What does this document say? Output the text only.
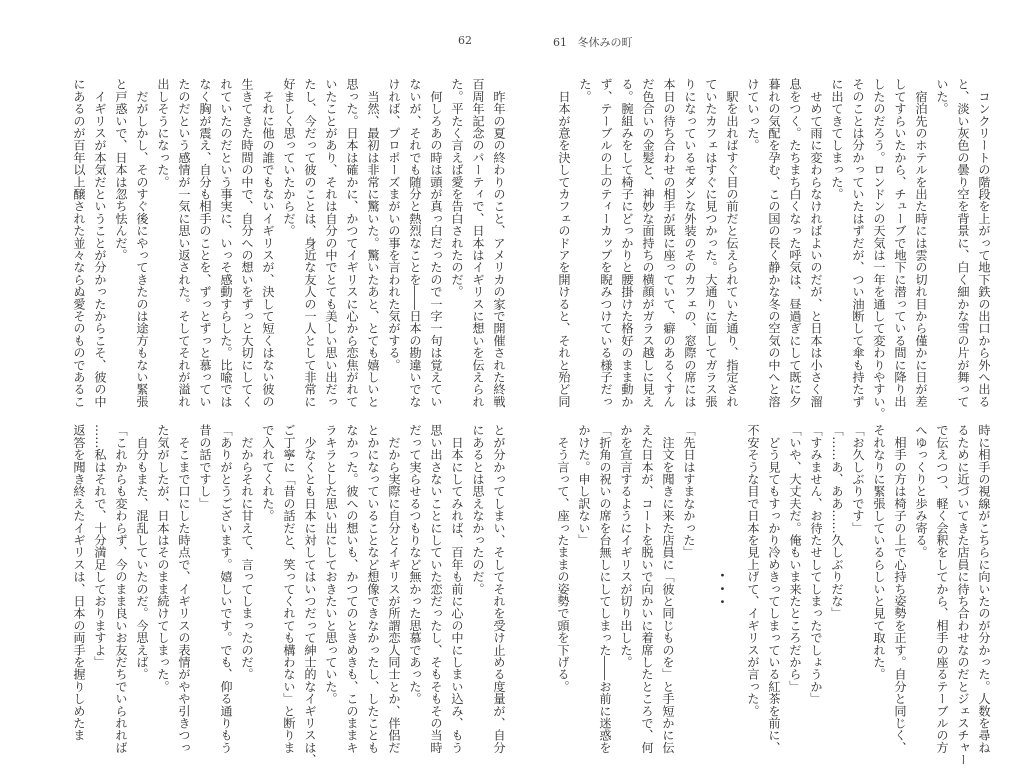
62	61 冬休みの町
　コンクリートの階段を上がって地下鉄の出口から外へ出る
と、淡い灰色の曇り空を背景に、白く細かな雪の片が舞って
いた。
　宿泊先のホテルを出た時には雲の切れ目から僅かに日が差
してすらいたから、チューブで地下に潜っている間に降り出
したのだろう。ロンドンの天気は一年を通して変わりやすい。
そのことは分かっていたはずだが、つい油断して傘も持たず
に出てきてしまった。
　せめて雨に変わらなければよいのだが、と日本は小さく溜
息をつく。たちまち白くなった呼気は、昼過ぎにして既に夕
暮れの気配を孕む、この国の長く静かな冬の空気の中へと溶
けていった。
　駅を出ればすぐ目の前だと伝えられていた通り、指定され
ていたカフェはすぐに見つかった。大通りに面してガラス張
りになっているモダンな外装のそのカフェの、窓際の席には
本日の待ち合わせの相手が既に座っていて、癖のあるくすん
だ色合いの金髪と、神妙な面持ちの横顔がガラス越しに見え
る。腕組みをして椅子にどっかりと腰掛けた格好のまま動か
ず、テーブルの上のティーカップを睨みつけている様子だっ
た。
　日本が意を決してカフェのドアを開けると、それと殆ど同
時に相手の視線がこちらに向いたのが分かった。人数を尋ね
るために近づいてきた店員に待ち合わせなのだとジェスチャー
で伝えつつ、軽く会釈をしてから、相手の座るテーブルの方
へゆっくりと歩み寄る。
　相手の方は椅子の上で心持ち姿勢を正す。自分と同じく、
それなりに緊張しているらしいと見て取れた。
「お久しぶりです」
「……あ、ああ……久しぶりだな」
「すみません、お待たせしてしまったでしょうか」
「いや、大丈夫だ。俺もいま来たところだから」
　どう見てもすっかり冷めきってしまっている紅茶を前に、
不安そうな目で日本を見上げて、イギリスが言った。
・・・
「先日はすまなかった」
　注文を聞きに来た店員に「彼と同じものを」と手短かに伝
えた日本が、コートを脱いで向かいに着席したところで、何
かを宣言するようにイギリスが切り出した。
「折角の祝いの席を台無しにしてしまった――お前に迷惑を
かけた。申し訳ない」
　そう言って、座ったままの姿勢で頭を下げる。
　昨年の夏の終わりのこと、アメリカの家で開催された終戦
百周年記念のパーティで、日本はイギリスに想いを伝えられ
た。平たく言えば愛を告白されたのだ。
　何しろあの時は頭が真っ白だったので一字一句は覚えてい
ないが、それでも随分と熱烈なことを――日本の勘違いでな
ければ、プロポーズまがいの事を言われた気がする。
　当然、最初は非常に驚いた。驚いたあと、とても嬉しいと
思った。日本は確かに、かつてイギリスに心から恋焦がれて
いたことがあり、それは自分の中でとても美しい思い出だっ
たし、今だって彼のことは、身近な友人の一人として非常に
好ましく思っていたからだ。
　それに他の誰でもないイギリスが、決して短くはない彼の
生きてきた時間の中で、自分への想いをずっと大切にしてく
れていたのだという事実に、いっそ感動すらした。比喩では
なく胸が震え、自分も相手のことを、ずっとずっと慕ってい
たのだという感情が一気に思い返された。そしてそれが溢れ
出しそうになった。
　だがしかし、そのすぐ後にやってきたのは途方もない緊張
と戸惑いで、日本は忽ち怯んだ。
　イギリスが本気だということが分かったからこそ、彼の中
にあるのが百年以上醸された並々ならぬ愛そのものであるこ
とが分かってしまい、そしてそれを受け止める度量が、自分
にあるとは思えなかったのだ。
　日本にしてみれば、百年も前に心の中にしまい込み、もう
思い出さないことにしていた恋だったし、そもそもその当時
だって実らせるつもりなど無かった思慕であった。
　だから実際に自分とイギリスが所謂恋人同士とか、伴侶だ
とかになっていることなど想像できなかったし、したことも
なかった。彼への想いも、かつてのときめきも、このままキ
ラキラとした思い出にしておきたいと思っていた。
　少なくとも日本に対してはいつだって紳士的なイギリスは、
ご丁寧に「昔の話だと、笑ってくれても構わない」と断りま
で入れてくれた。
　だからそれに甘えて、言ってしまったのだ。
「ありがとうございます。嬉しいです。でも、仰る通りもう
昔の話ですし」
　そこまで口にした時点で、イギリスの表情がやや引きつっ
た気がしたが、日本はそのまま続けてしまった。
　自分もまた、混乱していたのだ。今思えば。
「これからも変わらず、今のまま良いお友だちでいられれば
……私はそれで、十分満足しておりますよ」
返答を聞き終えたイギリスは、日本の両手を握りしめたま
